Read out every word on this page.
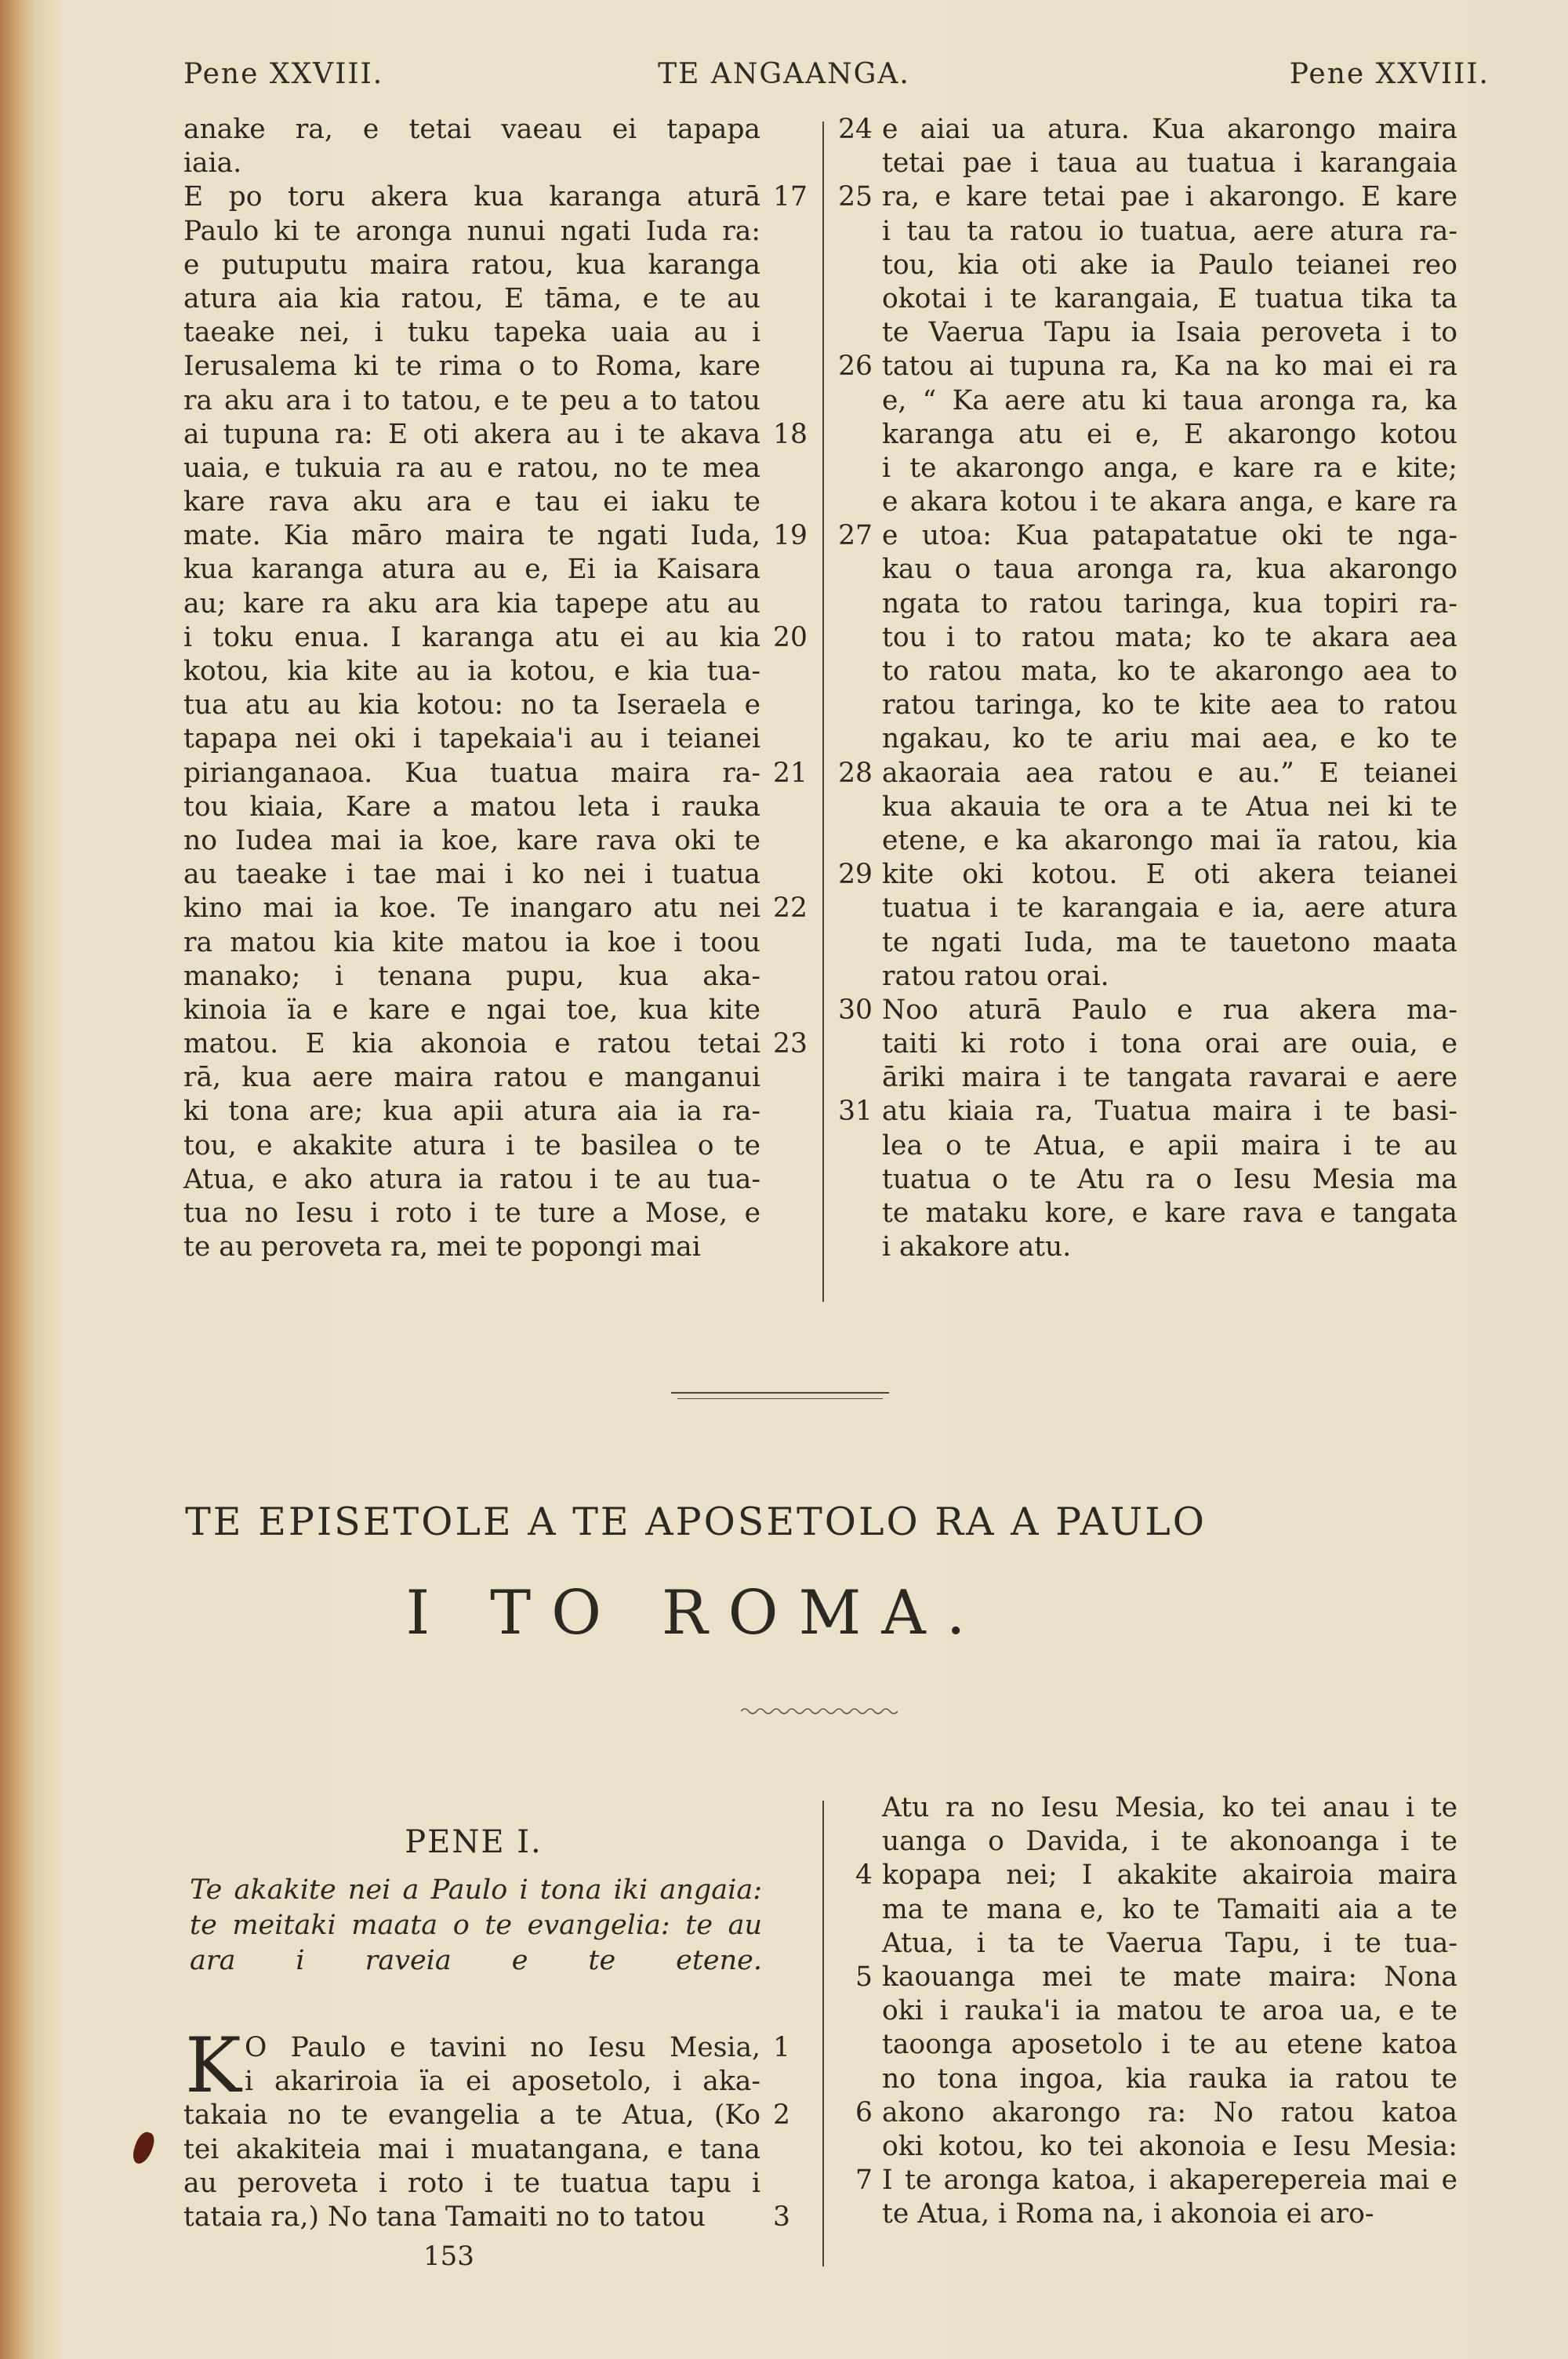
Pene XXVIII.	TE ANGAANGA.	Pene XXVIII.
anake ra, e tetai vaeau ei tapapa
iaia.
E po toru akera kua karanga aturā 17
Paulo ki te aronga nunui ngati Iuda ra:
e putuputu maira ratou, kua karanga
atura aia kia ratou, E tāma, e te au
taeake nei, i tuku tapeka uaia au i
Ierusalema ki te rima o to Roma, kare
ra aku ara i to tatou, e te peu a to tatou
ai tupuna ra: E oti akera au i te akava 18
uaia, e tukuia ra au e ratou, no te mea
kare rava aku ara e tau ei iaku te
mate. Kia māro maira te ngati Iuda, 19
kua karanga atura au e, Ei ia Kaisara
au; kare ra aku ara kia tapepe atu au
i toku enua. I karanga atu ei au kia 20
kotou, kia kite au ia kotou, e kia tua-
tua atu au kia kotou: no ta Iseraela e
tapapa nei oki i tapekaia'i au i teianei
pirianganaoa. Kua tuatua maira ra- 21
tou kiaia, Kare a matou leta i rauka
no Iudea mai ia koe, kare rava oki te
au taeake i tae mai i ko nei i tuatua
kino mai ia koe. Te inangaro atu nei 22
ra matou kia kite matou ia koe i toou
manako; i tenana pupu, kua aka-
kinoia ïa e kare e ngai toe, kua kite
matou. E kia akonoia e ratou tetai 23
rā, kua aere maira ratou e manganui
ki tona are; kua apii atura aia ia ra-
tou, e akakite atura i te basilea o te
Atua, e ako atura ia ratou i te au tua-
tua no Iesu i roto i te ture a Mose, e
te au peroveta ra, mei te popongi mai
e aiai ua atura. Kua akarongo maira
24
tetai pae i taua au tuatua i karangaia
ra, e kare tetai pae i akarongo. E kare
25
i tau ta ratou io tuatua, aere atura ra-
tou, kia oti ake ia Paulo teianei reo
okotai i te karangaia, E tuatua tika ta
te Vaerua Tapu ia Isaia peroveta i to
tatou ai tupuna ra, Ka na ko mai ei ra
26
e, “ Ka aere atu ki taua aronga ra, ka
karanga atu ei e, E akarongo kotou
i te akarongo anga, e kare ra e kite;
e akara kotou i te akara anga, e kare ra
e utoa: Kua patapatatue oki te nga-
27
kau o taua aronga ra, kua akarongo
ngata to ratou taringa, kua topiri ra-
tou i to ratou mata; ko te akara aea
to ratou mata, ko te akarongo aea to
ratou taringa, ko te kite aea to ratou
ngakau, ko te ariu mai aea, e ko te
akaoraia aea ratou e au.” E teianei
28
kua akauia te ora a te Atua nei ki te
etene, e ka akarongo mai ïa ratou, kia
kite oki kotou. E oti akera teianei
29
tuatua i te karangaia e ia, aere atura
te ngati Iuda, ma te tauetono maata
ratou ratou orai.
Noo aturā Paulo e rua akera ma-
30
taiti ki roto i tona orai are ouia, e
āriki maira i te tangata ravarai e aere
atu kiaia ra, Tuatua maira i te basi-
31
lea o te Atua, e apii maira i te au
tuatua o te Atu ra o Iesu Mesia ma
te mataku kore, e kare rava e tangata
i akakore atu.
TE EPISETOLE A TE APOSETOLO RA A PAULO
I TO ROMA.
PENE I.
Te akakite nei a Paulo i tona iki angaia: te meitaki maata o te evangelia: te au ara i raveia e te etene.
K O Paulo e tavini no Iesu Mesia, 1
i akariroia ïa ei aposetolo, i aka-
takaia no te evangelia a te Atua, (Ko 2
tei akakiteia mai i muatangana, e tana
au peroveta i roto i te tuatua tapu i
tataia ra,) No tana Tamaiti no to tatou	3
Atu ra no Iesu Mesia, ko tei anau i te
uanga o Davida, i te akonoanga i te
kopapa nei; I akakite akairoia maira
4
ma te mana e, ko te Tamaiti aia a te
Atua, i ta te Vaerua Tapu, i te tua-
kaouanga mei te mate maira: Nona
5
oki i rauka'i ia matou te aroa ua, e te
taoonga aposetolo i te au etene katoa
no tona ingoa, kia rauka ia ratou te
akono akarongo ra: No ratou katoa
6
oki kotou, ko tei akonoia e Iesu Mesia:
I te aronga katoa, i akaperepereia mai e
7
te Atua, i Roma na, i akonoia ei aro-
153
